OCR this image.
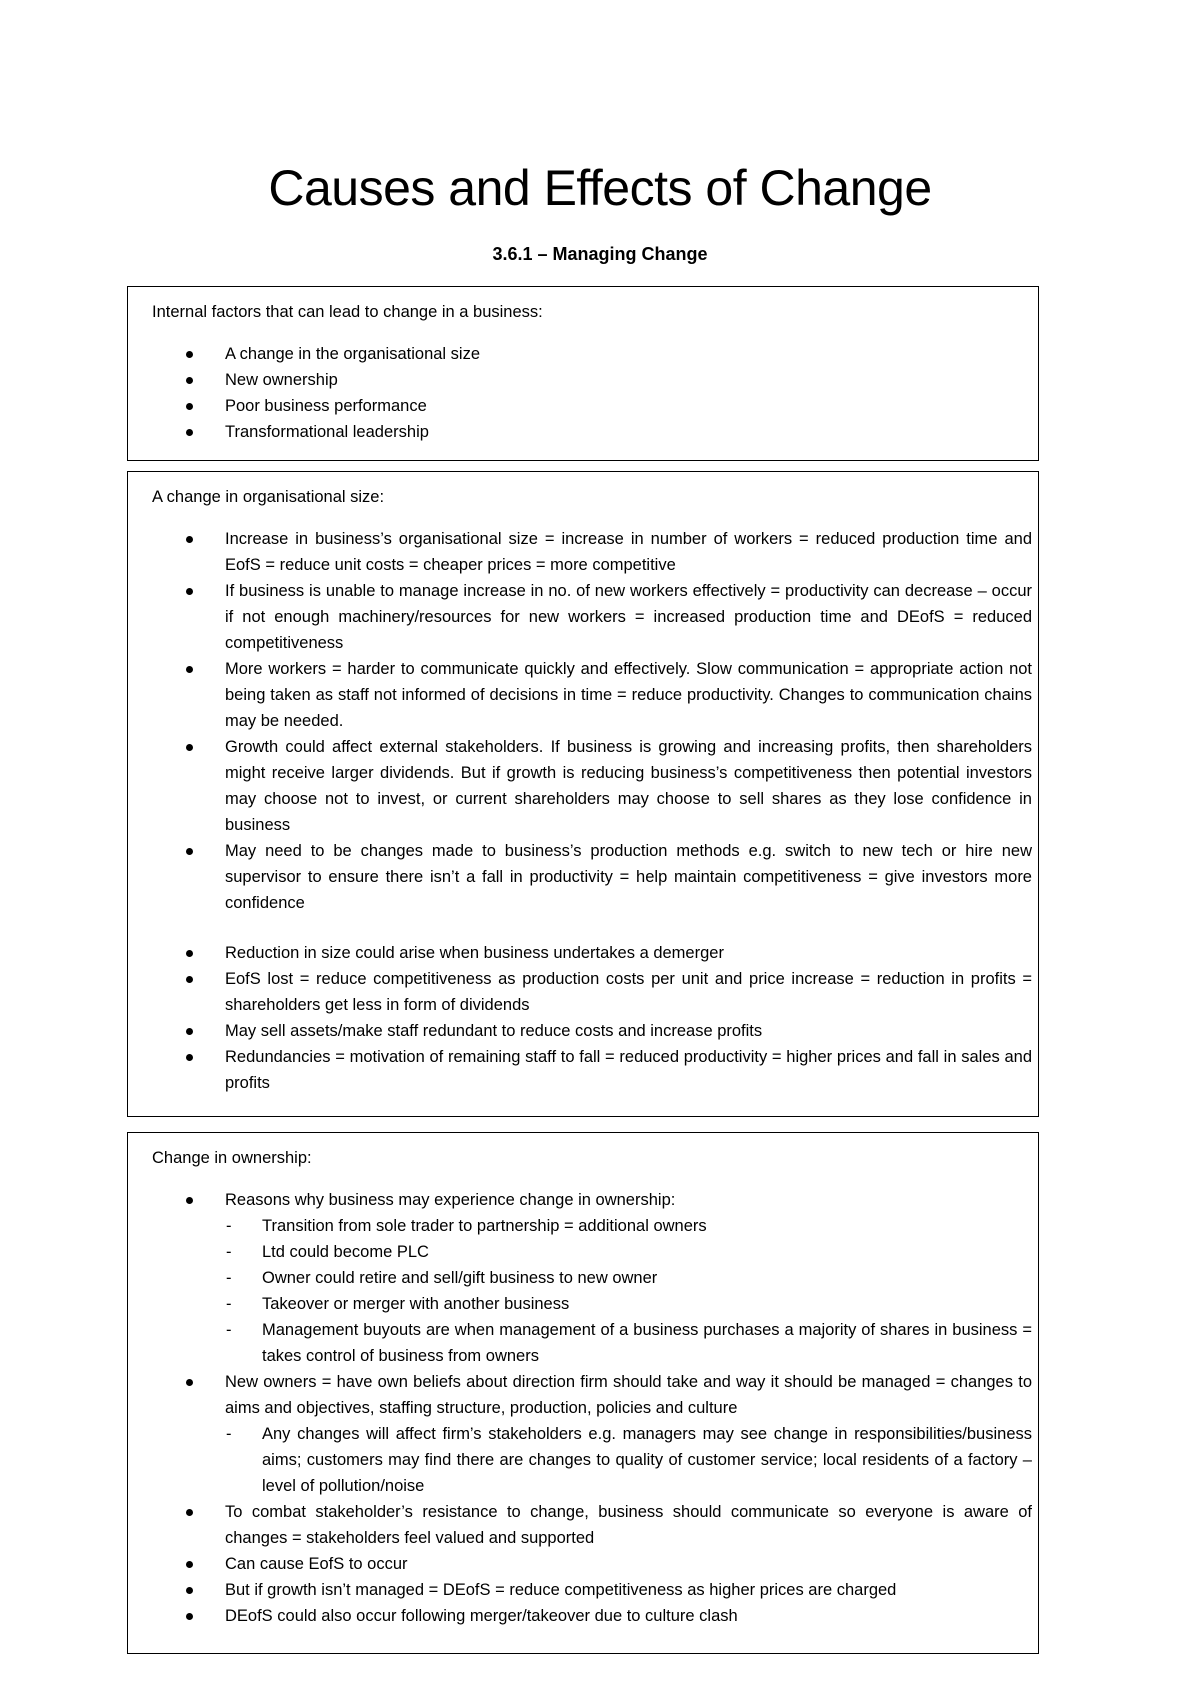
Causes and Effects of Change
3.6.1 – Managing Change
Internal factors that can lead to change in a business:
A change in the organisational size
New ownership
Poor business performance
Transformational leadership
A change in organisational size:
Increase in business’s organisational size = increase in number of workers = reduced production time and EofS = reduce unit costs = cheaper prices = more competitive
If business is unable to manage increase in no. of new workers effectively = productivity can decrease – occur if not enough machinery/resources for new workers = increased production time and DEofS = reduced competitiveness
More workers = harder to communicate quickly and effectively. Slow communication = appropriate action not being taken as staff not informed of decisions in time = reduce productivity. Changes to communication chains may be needed.
Growth could affect external stakeholders. If business is growing and increasing profits, then shareholders might receive larger dividends. But if growth is reducing business’s competitiveness then potential investors may choose not to invest, or current shareholders may choose to sell shares as they lose confidence in business
May need to be changes made to business’s production methods e.g. switch to new tech or hire new supervisor to ensure there isn’t a fall in productivity = help maintain competitiveness = give investors more confidence
Reduction in size could arise when business undertakes a demerger
EofS lost = reduce competitiveness as production costs per unit and price increase = reduction in profits = shareholders get less in form of dividends
May sell assets/make staff redundant to reduce costs and increase profits
Redundancies = motivation of remaining staff to fall = reduced productivity = higher prices and fall in sales and profits
Change in ownership:
Reasons why business may experience change in ownership:
- Transition from sole trader to partnership = additional owners
- Ltd could become PLC
- Owner could retire and sell/gift business to new owner
- Takeover or merger with another business
- Management buyouts are when management of a business purchases a majority of shares in business = takes control of business from owners
New owners = have own beliefs about direction firm should take and way it should be managed = changes to aims and objectives, staffing structure, production, policies and culture
- Any changes will affect firm’s stakeholders e.g. managers may see change in responsibilities/business aims; customers may find there are changes to quality of customer service; local residents of a factory – level of pollution/noise
To combat stakeholder’s resistance to change, business should communicate so everyone is aware of changes = stakeholders feel valued and supported
Can cause EofS to occur
But if growth isn’t managed = DEofS = reduce competitiveness as higher prices are charged
DEofS could also occur following merger/takeover due to culture clash
